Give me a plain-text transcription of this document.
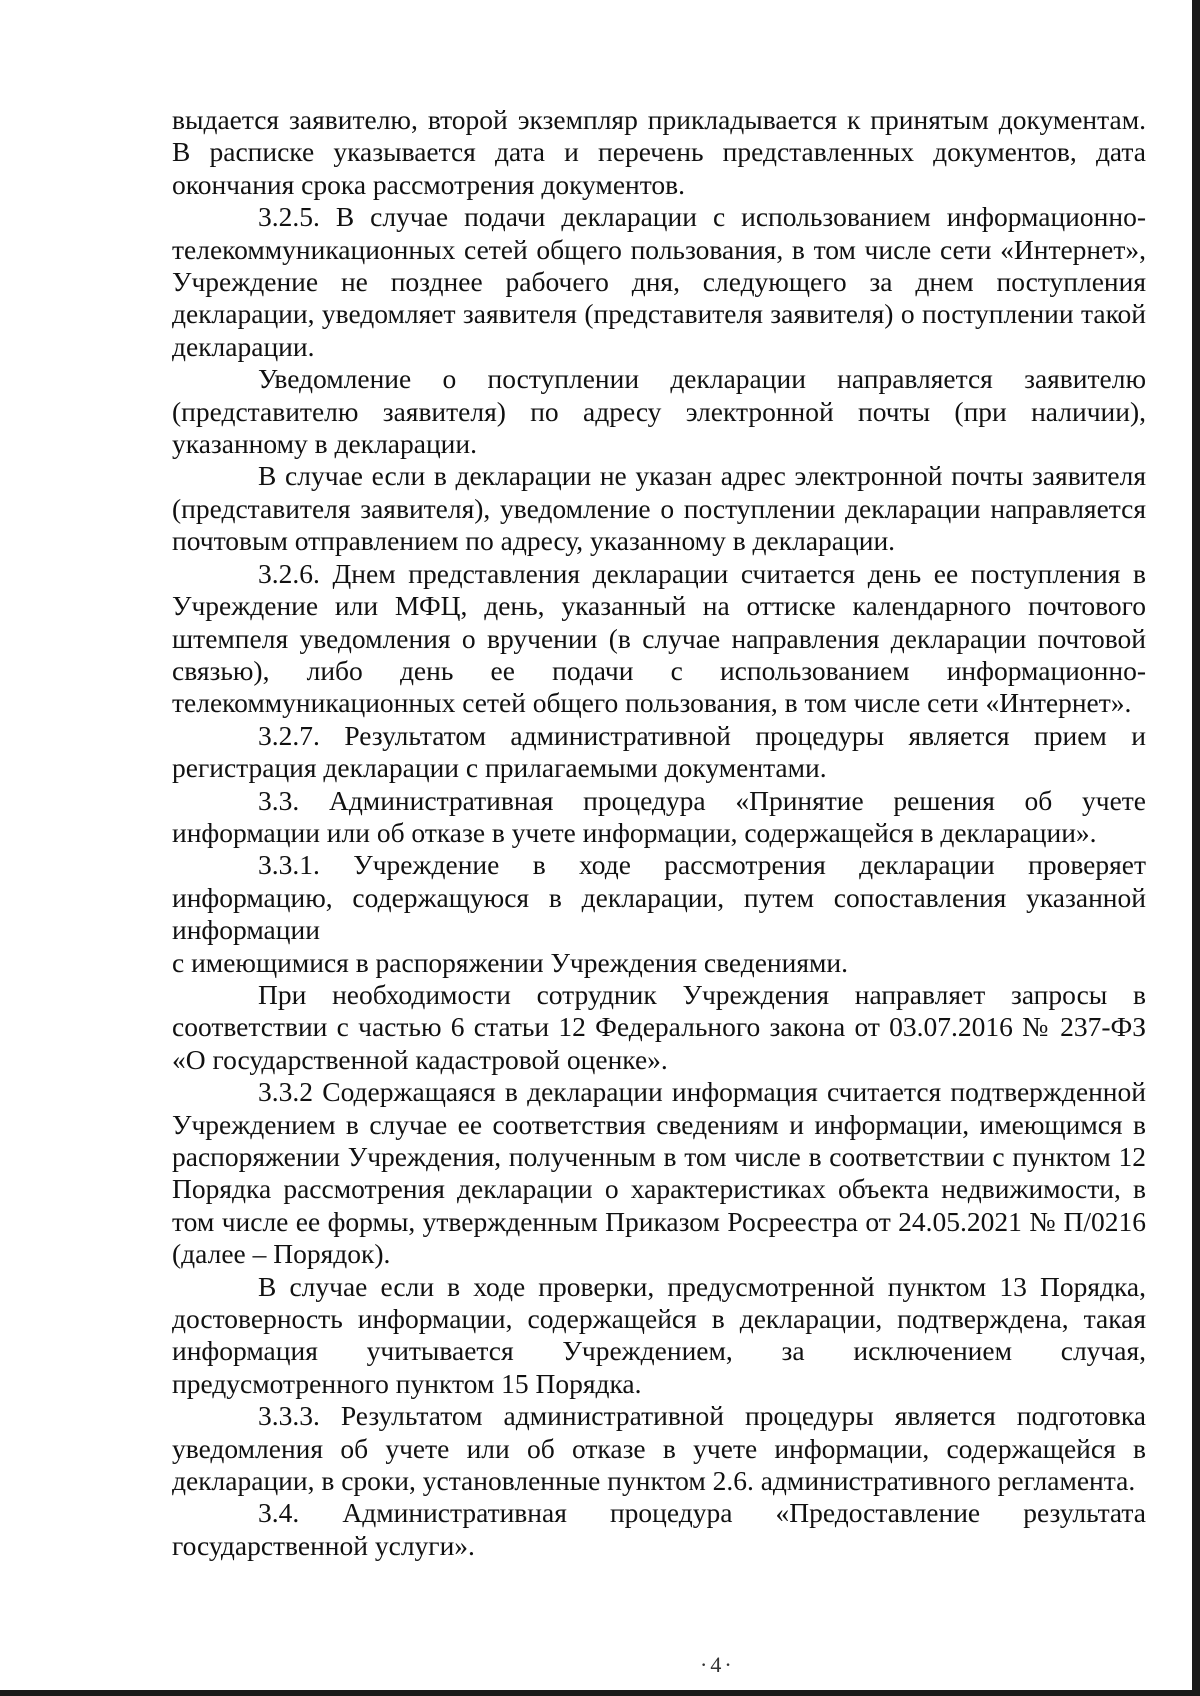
выдается заявителю, второй экземпляр прикладывается к принятым документам. В расписке указывается дата и перечень представленных документов, дата окончания срока рассмотрения документов.

3.2.5. В случае подачи декларации с использованием информационно-телекоммуникационных сетей общего пользования, в том числе сети «Интернет», Учреждение не позднее рабочего дня, следующего за днем поступления декларации, уведомляет заявителя (представителя заявителя) о поступлении такой декларации.

Уведомление о поступлении декларации направляется заявителю (представителю заявителя) по адресу электронной почты (при наличии), указанному в декларации.

В случае если в декларации не указан адрес электронной почты заявителя (представителя заявителя), уведомление о поступлении декларации направляется почтовым отправлением по адресу, указанному в декларации.

3.2.6. Днем представления декларации считается день ее поступления в Учреждение или МФЦ, день, указанный на оттиске календарного почтового штемпеля уведомления о вручении (в случае направления декларации почтовой связью), либо день ее подачи с использованием информационно-телекоммуникационных сетей общего пользования, в том числе сети «Интернет».

3.2.7. Результатом административной процедуры является прием и регистрация декларации с прилагаемыми документами.

3.3. Административная процедура «Принятие решения об учете информации или об отказе в учете информации, содержащейся в декларации».

3.3.1. Учреждение в ходе рассмотрения декларации проверяет информацию, содержащуюся в декларации, путем сопоставления указанной информации

с имеющимися в распоряжении Учреждения сведениями.

При необходимости сотрудник Учреждения направляет запросы в соответствии с частью 6 статьи 12 Федерального закона от 03.07.2016 № 237-ФЗ «О государственной кадастровой оценке».

3.3.2 Содержащаяся в декларации информация считается подтвержденной Учреждением в случае ее соответствия сведениям и информации, имеющимся в распоряжении Учреждения, полученным в том числе в соответствии с пунктом 12 Порядка рассмотрения декларации о характеристиках объекта недвижимости, в том числе ее формы, утвержденным Приказом Росреестра от 24.05.2021 № П/0216 (далее – Порядок).

В случае если в ходе проверки, предусмотренной пунктом 13 Порядка, достоверность информации, содержащейся в декларации, подтверждена, такая информация учитывается Учреждением, за исключением случая, предусмотренного пунктом 15 Порядка.

3.3.3. Результатом административной процедуры является подготовка уведомления об учете или об отказе в учете информации, содержащейся в декларации, в сроки, установленные пунктом 2.6. административного регламента.

3.4. Административная процедура «Предоставление результата государственной услуги».

·4·
